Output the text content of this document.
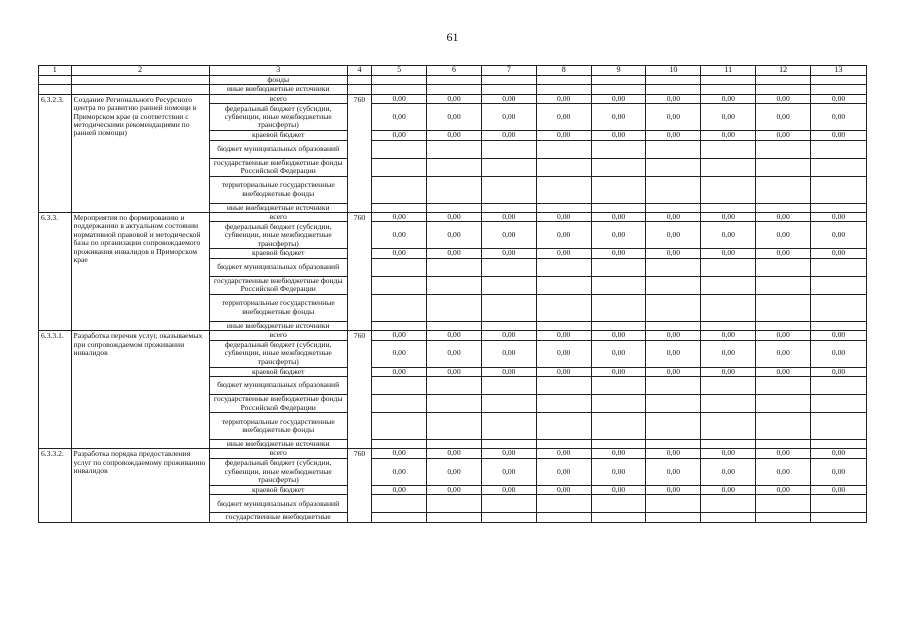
61
1	2	3	4	5	6	7	8	9	10	11	12	13
		фонды										
		иные внебюджетные источники										
6.3.2.3.	Создание Регионального Ресурсного центра по развитию ранней помощи в Приморском крае (в соответствии с методическими рекомендациями по ранней помощи)	всего	760	0,00	0,00	0,00	0,00	0,00	0,00	0,00	0,00	0,00
		федеральный бюджет (субсидии, субвенции, иные межбюджетные трансферты)		0,00	0,00	0,00	0,00	0,00	0,00	0,00	0,00	0,00
		краевой бюджет		0,00	0,00	0,00	0,00	0,00	0,00	0,00	0,00	0,00
		бюджет муниципальных образований										
		государственные внебюджетные фонды Российской Федерации										
		территориальные государственные внебюджетные фонды										
		иные внебюджетные источники										
6.3.3.	Мероприятия по формированию и поддержанию в актуальном состоянии нормативной правовой и методической базы по организации сопровождаемого проживания инвалидов в Приморском крае	всего	760	0,00	0,00	0,00	0,00	0,00	0,00	0,00	0,00	0,00
		федеральный бюджет (субсидии, субвенции, иные межбюджетные трансферты)		0,00	0,00	0,00	0,00	0,00	0,00	0,00	0,00	0,00
		краевой бюджет		0,00	0,00	0,00	0,00	0,00	0,00	0,00	0,00	0,00
		бюджет муниципальных образований										
		государственные внебюджетные фонды Российской Федерации										
		территориальные государственные внебюджетные фонды										
		иные внебюджетные источники										
6.3.3.1.	Разработка перечня услуг, оказываемых при сопровождаемом проживании инвалидов	всего	760	0,00	0,00	0,00	0,00	0,00	0,00	0,00	0,00	0,00
		федеральный бюджет (субсидии, субвенции, иные межбюджетные трансферты)		0,00	0,00	0,00	0,00	0,00	0,00	0,00	0,00	0,00
		краевой бюджет		0,00	0,00	0,00	0,00	0,00	0,00	0,00	0,00	0,00
		бюджет муниципальных образований										
		государственные внебюджетные фонды Российской Федерации										
		территориальные государственные внебюджетные фонды										
		иные внебюджетные источники										
6.3.3.2.	Разработка порядка предоставления услуг по сопровождаемому проживанию инвалидов	всего	760	0,00	0,00	0,00	0,00	0,00	0,00	0,00	0,00	0,00
		федеральный бюджет (субсидии, субвенции, иные межбюджетные трансферты)		0,00	0,00	0,00	0,00	0,00	0,00	0,00	0,00	0,00
		краевой бюджет		0,00	0,00	0,00	0,00	0,00	0,00	0,00	0,00	0,00
		бюджет муниципальных образований										
		государственные внебюджетные										
